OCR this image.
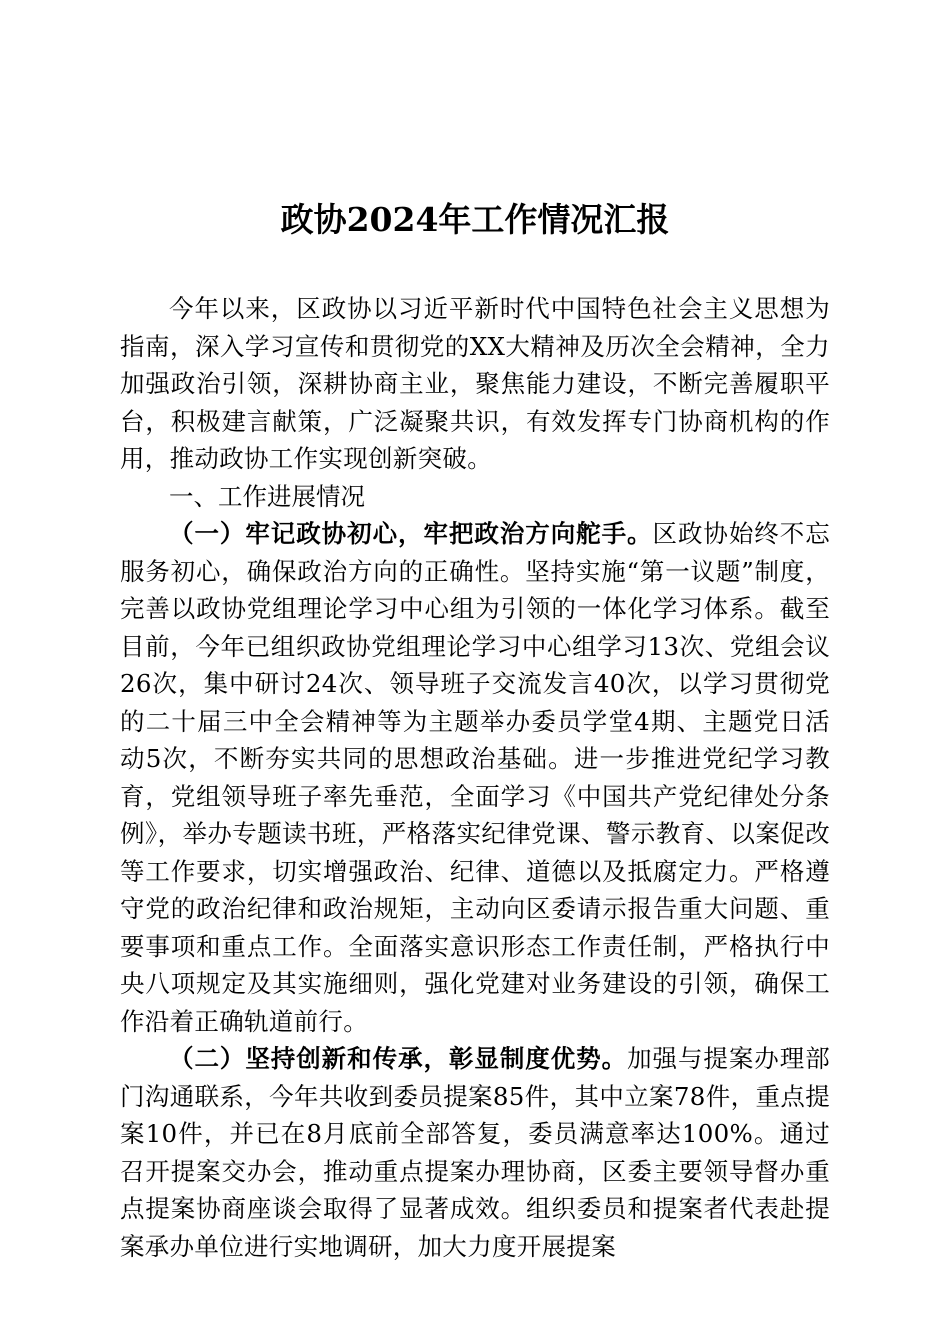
政协2024年工作情况汇报

今年以来，区政协以习近平新时代中国特色社会主义思想为指南，深入学习宣传和贯彻党的XX大精神及历次全会精神，全力加强政治引领，深耕协商主业，聚焦能力建设，不断完善履职平台，积极建言献策，广泛凝聚共识，有效发挥专门协商机构的作用，推动政协工作实现创新突破。

一、工作进展情况

（一）牢记政协初心，牢把政治方向舵手。区政协始终不忘服务初心，确保政治方向的正确性。坚持实施“第一议题”制度，完善以政协党组理论学习中心组为引领的一体化学习体系。截至目前，今年已组织政协党组理论学习中心组学习13次、党组会议26次，集中研讨24次、领导班子交流发言40次，以学习贯彻党的二十届三中全会精神等为主题举办委员学堂4期、主题党日活动5次，不断夯实共同的思想政治基础。进一步推进党纪学习教育，党组领导班子率先垂范，全面学习《中国共产党纪律处分条例》，举办专题读书班，严格落实纪律党课、警示教育、以案促改等工作要求，切实增强政治、纪律、道德以及抵腐定力。严格遵守党的政治纪律和政治规矩，主动向区委请示报告重大问题、重要事项和重点工作。全面落实意识形态工作责任制，严格执行中央八项规定及其实施细则，强化党建对业务建设的引领，确保工作沿着正确轨道前行。

（二）坚持创新和传承，彰显制度优势。加强与提案办理部门沟通联系，今年共收到委员提案85件，其中立案78件，重点提案10件，并已在8月底前全部答复，委员满意率达100%。通过召开提案交办会，推动重点提案办理协商，区委主要领导督办重点提案协商座谈会取得了显著成效。组织委员和提案者代表赴提案承办单位进行实地调研，加大力度开展提案
